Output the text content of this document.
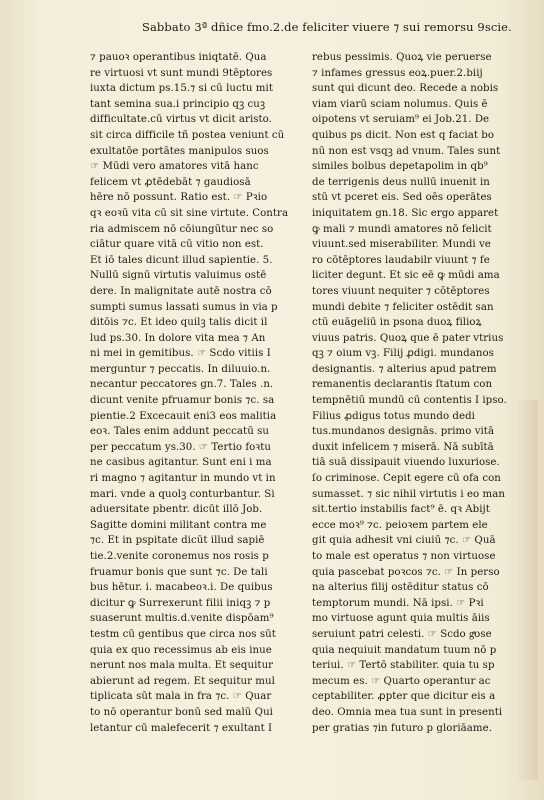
Sabbato 3ª dñice fmo.2.de feliciter viuere ⁊ sui remorsu 9scie.
⁊ pauoꝛ operantibus iniqtatē. Qua
re virtuosi vt sunt mundi 9tēptores
iuxta dictum ps.15.⁊ si cū luctu mit
tant semina sua.i principio qꝫ cuꝫ
difficultate.cū virtus vt dicit aristo.
sit circa difficile tñ postea veniunt cū
exultatōe portātes manipulos suos
☞ Mūdi vero amatores vitā hanc
felicem vt ꝓtēdebāt ⁊ gaudiosā
hēre nō possunt. Ratio est. ☞ Pꝛio
qꝛ eoꝛū vita cū sit sine virtute. Contra
ria admiscem nō cōiungūtur nec so
ciātur quare vitā cū vitio non est.
Et iō tales dicunt illud sapientie. 5.
Nullū signū virtutis valuimus ostē
dere. In malignitate autē nostra cō
sumpti sumus lassati sumus in via p
ditōis ⁊c. Et ideo quilꝫ talis dicit il
lud ps.30. In dolore vita mea ⁊ An
ni mei in gemitibus. ☞ Scdo vitiis I
merguntur ⁊ peccatis. In diluuio.n.
necantur peccatores gn.7. Tales .n.
dicunt venite pfruamur bonis ⁊c. sa
pientie.2 Excecauit eni3 eos malitia
eoꝛ. Tales enim addunt peccatū su
per peccatum ys.30. ☞ Tertio foꝛtu
ne casibus agitantur. Sunt eni i ma
ri magno ⁊ agitantur in mundo vt in
mari. vnde a quolꝫ conturbantur. Si
aduersitate pbentr. dicūt illō Job.
Sagitte domini militant contra me
⁊c. Et in pspitate dicūt illud sapiē
tie.2.venite coronemus nos rosis p
fruamur bonis que sunt ⁊c. De tali
bus hētur. i. macabeoꝛ.i. De quibus
dicitur ꝙ Surrexerunt filii iniqꝫ ⁊ p
suaserunt multis.d.venite dispōam⁹
testm cū gentibus que circa nos sūt
quia ex quo recessimus ab eis inue
nerunt nos mala multa. Et sequitur
abierunt ad regem. Et sequitur mul
tiplicata sūt mala in fra ⁊c. ☞ Quar
to nō operantur bonū sed malū Qui
letantur cū malefecerit ⁊ exultant I
rebus pessimis. Quoꝝ vie peruerse
⁊ infames gressus eoꝝ.puer.2.biij
sunt qui dicunt deo. Recede a nobis
viam viarū sciam nolumus. Quis ē
oipotens vt seruiam⁹ ei Job.21. De
quibus ps dicit. Non est q faciat bo
nū non est vsqꝫ ad vnum. Tales sunt
similes bolbus depetapolim in qb⁹
de terrigenis deus nullū inuenit in
stū vt pceret eis. Sed oēs operātes
iniquitatem gn.18. Sic ergo apparet
ꝙ mali ⁊ mundi amatores nō felicit
viuunt.sed miserabiliter. Mundi ve
ro cōtēptores laudabilr viuunt ⁊ fe
liciter degunt. Et sic eē ꝙ mūdi ama
tores viuunt nequiter ⁊ cōtēptores
mundi debite ⁊ feliciter ostēdit san
ctū euāgeliū in psona duoꝝ filioꝝ
viuus patris. Quoꝝ que ē pater vtrius
qꝫ ⁊ oium vꝫ. Filij ꝓdigi. mundanos
designantis. ⁊ alterius apud patrem
remanentis declarantis ſtatum con
tempnētiū mundū cū contentis I ipso.
Filius ꝓdigus totus mundo dedi
tus.mundanos designās. primo vitā
duxit infelicem ⁊ miserā. Nā subītā
tiā suā dissipauit viuendo luxuriose.
ſo criminose. Cepit egere cū ofa con
sumasset. ⁊ sic nihil virtutis i eo man
sit.tertio instabilis fact⁹ ē. qꝛ Abijt
ecce moꝛ⁹ ⁊c. peioꝛem partem ele
git quia adhesit vni ciuiū ⁊c. ☞ Quā
to male est operatus ⁊ non virtuose
quia pascebat poꝛcos ⁊c. ☞ In perso
na alterius filij ostēditur status cō
temptorum mundi. Nā ipsi. ☞ Pꝛi
mo virtuose agunt quia multis āiis
seruiunt patri celesti. ☞ Scdo gͣose
quia nequiuit mandatum tuum nō p
teriui. ☞ Tertō stabiliter. quia tu sp
mecum es. ☞ Quarto operantur ac
ceptabiliter. ꝓpter que dicitur eis a
deo. Omnia mea tua sunt in presenti
per gratias ⁊in futuro p gloriāame.
